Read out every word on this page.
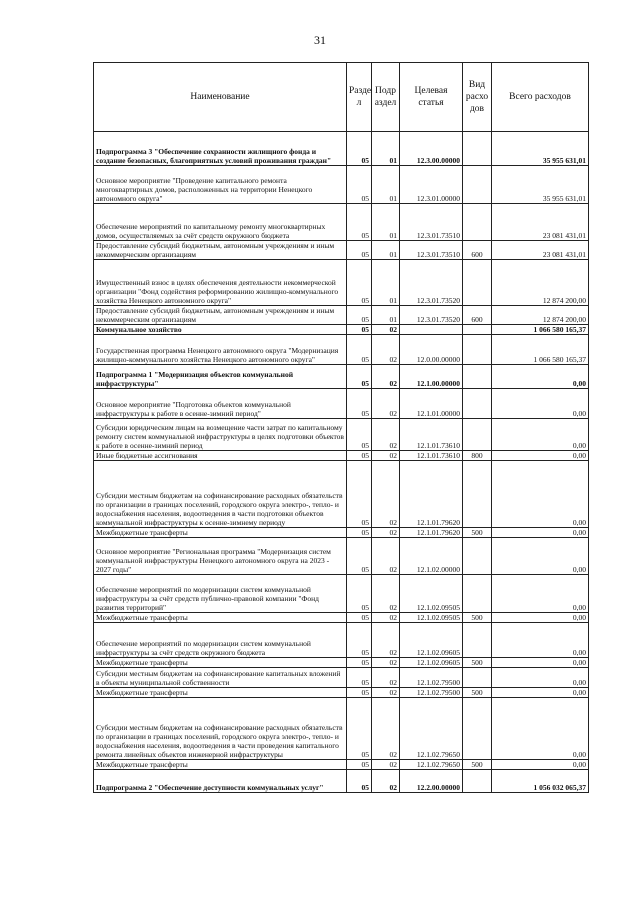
31
Наименование	Разде л	Подр аздел	Целевая статья	Вид расхо дов	Всего расходов
Подпрограмма 3 "Обеспечение сохранности жилищного фонда и создание безопасных, благоприятных условий проживания граждан"	05	01	12.3.00.00000		35 955 631,01
Основное мероприятие "Проведение капитального ремонта многоквартирных домов, расположенных на территории Ненецкого автономного округа"	05	01	12.3.01.00000		35 955 631,01
Обеспечение мероприятий по капитальному ремонту многоквартирных домов, осуществляемых за счёт средств окружного бюджета	05	01	12.3.01.73510		23 081 431,01
Предоставление субсидий бюджетным, автономным учреждениям и иным некоммерческим организациям	05	01	12.3.01.73510	600	23 081 431,01
Имущественный взнос в целях обеспечения деятельности некоммерческой организации "Фонд содействия реформированию жилищно-коммунального хозяйства Ненецкого автономного округа"	05	01	12.3.01.73520		12 874 200,00
Предоставление субсидий бюджетным, автономным учреждениям и иным некоммерческим организациям	05	01	12.3.01.73520	600	12 874 200,00
Коммунальное хозяйство	05	02			1 066 580 165,37
Государственная программа Ненецкого автономного округа "Модернизация жилищно-коммунального хозяйства Ненецкого автономного округа"	05	02	12.0.00.00000		1 066 580 165,37
Подпрограмма 1 "Модернизация объектов коммунальной инфраструктуры"	05	02	12.1.00.00000		0,00
Основное мероприятие "Подготовка объектов коммунальной инфраструктуры к работе в осенне-зимний период"	05	02	12.1.01.00000		0,00
Субсидии юридическим лицам на возмещение части затрат по капитальному ремонту систем коммунальной инфраструктуры в целях подготовки объектов к работе в осенне-зимний период	05	02	12.1.01.73610		0,00
Иные бюджетные ассигнования	05	02	12.1.01.73610	800	0,00
Субсидии местным бюджетам на софинансирование расходных обязательств по организации в границах поселений, городского округа электро-, тепло- и водоснабжения населения, водоотведения в части подготовки объектов коммунальной инфраструктуры к осенне-зимнему периоду	05	02	12.1.01.79620		0,00
Межбюджетные трансферты	05	02	12.1.01.79620	500	0,00
Основное мероприятие "Региональная программа "Модернизация систем коммунальной инфраструктуры Ненецкого автономного округа на 2023 - 2027 годы"	05	02	12.1.02.00000		0,00
Обеспечение мероприятий по модернизации систем коммунальной инфраструктуры за счёт средств публично-правовой компании "Фонд развития территорий"	05	02	12.1.02.09505		0,00
Межбюджетные трансферты	05	02	12.1.02.09505	500	0,00
Обеспечение мероприятий по модернизации систем коммунальной инфраструктуры за счёт средств окружного бюджета	05	02	12.1.02.09605		0,00
Межбюджетные трансферты	05	02	12.1.02.09605	500	0,00
Субсидии местным бюджетам на софинансирование капитальных вложений в объекты муниципальной собственности	05	02	12.1.02.79500		0,00
Межбюджетные трансферты	05	02	12.1.02.79500	500	0,00
Субсидии местным бюджетам на софинансирование расходных обязательств по организации в границах поселений, городского округа электро-, тепло- и водоснабжения населения, водоотведения в части проведения капитального ремонта линейных объектов инженерной инфраструктуры	05	02	12.1.02.79650		0,00
Межбюджетные трансферты	05	02	12.1.02.79650	500	0,00
Подпрограмма 2 "Обеспечение доступности коммунальных услуг"	05	02	12.2.00.00000		1 056 032 065,37
